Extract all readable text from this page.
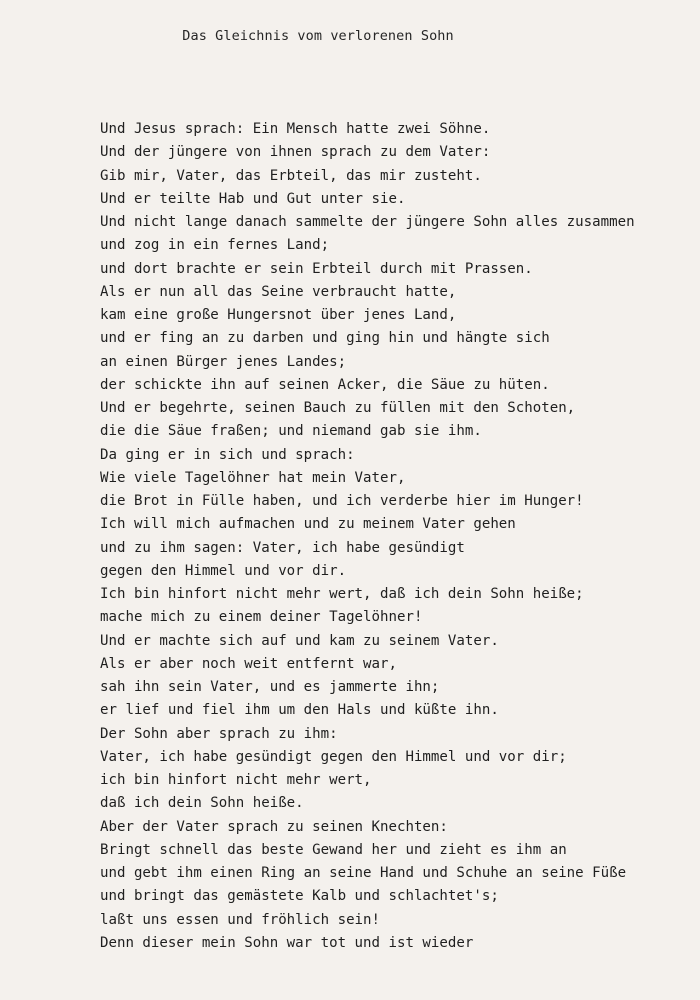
Das Gleichnis vom verlorenen Sohn
Und Jesus sprach: Ein Mensch hatte zwei Söhne.
Und der jüngere von ihnen sprach zu dem Vater:
Gib mir, Vater, das Erbteil, das mir zusteht.
Und er teilte Hab und Gut unter sie.
Und nicht lange danach sammelte der jüngere Sohn alles zusammen
und zog in ein fernes Land;
und dort brachte er sein Erbteil durch mit Prassen.
Als er nun all das Seine verbraucht hatte,
kam eine große Hungersnot über jenes Land,
und er fing an zu darben und ging hin und hängte sich
an einen Bürger jenes Landes;
der schickte ihn auf seinen Acker, die Säue zu hüten.
Und er begehrte, seinen Bauch zu füllen mit den Schoten,
die die Säue fraßen; und niemand gab sie ihm.
Da ging er in sich und sprach:
Wie viele Tagelöhner hat mein Vater,
die Brot in Fülle haben, und ich verderbe hier im Hunger!
Ich will mich aufmachen und zu meinem Vater gehen
und zu ihm sagen: Vater, ich habe gesündigt
gegen den Himmel und vor dir.
Ich bin hinfort nicht mehr wert, daß ich dein Sohn heiße;
mache mich zu einem deiner Tagelöhner!
Und er machte sich auf und kam zu seinem Vater.
Als er aber noch weit entfernt war,
sah ihn sein Vater, und es jammerte ihn;
er lief und fiel ihm um den Hals und küßte ihn.
Der Sohn aber sprach zu ihm:
Vater, ich habe gesündigt gegen den Himmel und vor dir;
ich bin hinfort nicht mehr wert,
daß ich dein Sohn heiße.
Aber der Vater sprach zu seinen Knechten:
Bringt schnell das beste Gewand her und zieht es ihm an
und gebt ihm einen Ring an seine Hand und Schuhe an seine Füße
und bringt das gemästete Kalb und schlachtet's;
laßt uns essen und fröhlich sein!
Denn dieser mein Sohn war tot und ist wieder
